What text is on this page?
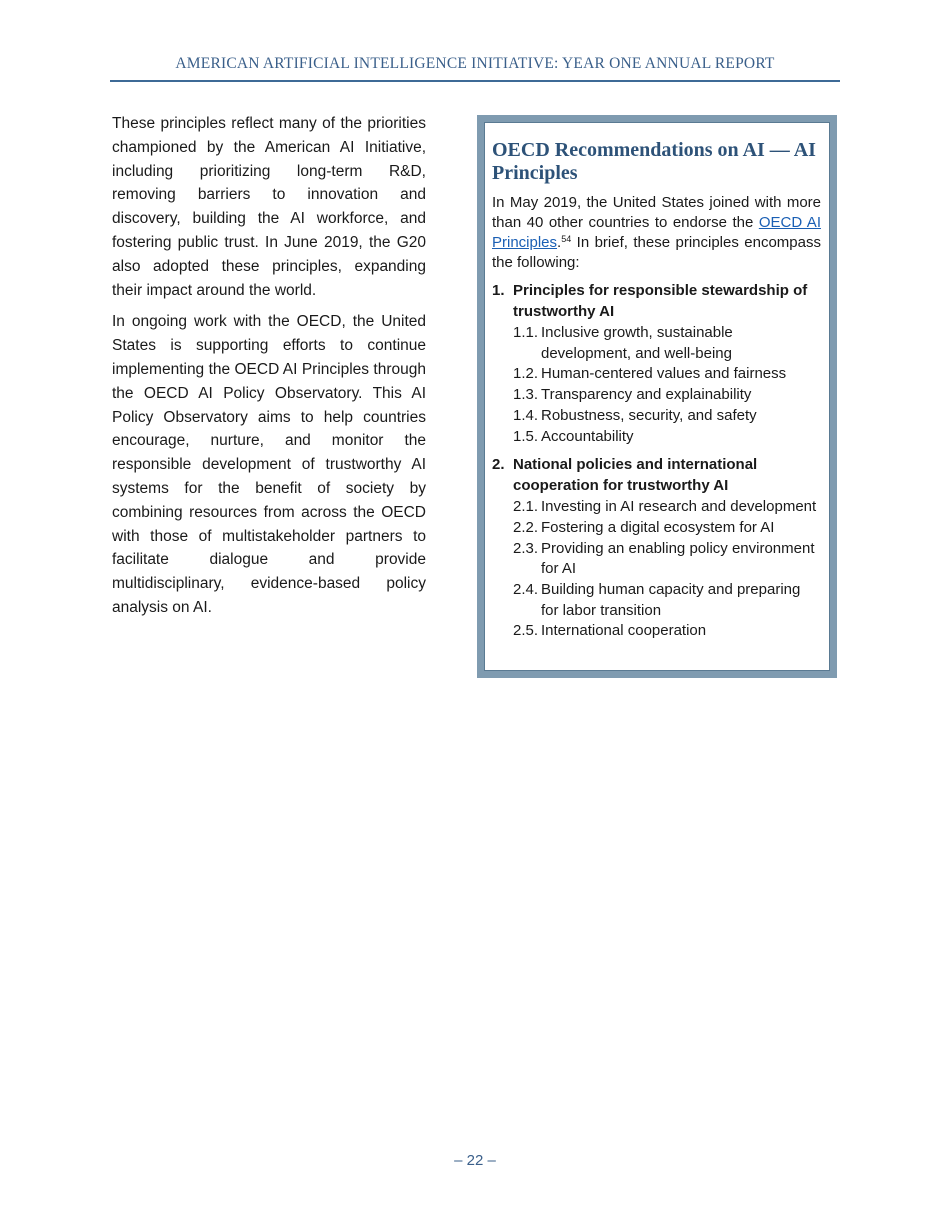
AMERICAN ARTIFICIAL INTELLIGENCE INITIATIVE: YEAR ONE ANNUAL REPORT

These principles reflect many of the priorities championed by the American AI Initiative, including prioritizing long-term R&D, removing barriers to innovation and discovery, building the AI workforce, and fostering public trust. In June 2019, the G20 also adopted these principles, expanding their impact around the world.

In ongoing work with the OECD, the United States is supporting efforts to continue implementing the OECD AI Principles through the OECD AI Policy Observatory. This AI Policy Observatory aims to help countries encourage, nurture, and monitor the responsible development of trustworthy AI systems for the benefit of society by combining resources from across the OECD with those of multistakeholder partners to facilitate dialogue and provide multidisciplinary, evidence-based policy analysis on AI.

OECD Recommendations on AI — AI Principles

In May 2019, the United States joined with more than 40 other countries to endorse the OECD AI Principles.$^{54}$ In brief, these principles encompass the following:

1. Principles for responsible stewardship of trustworthy AI
1.1. Inclusive growth, sustainable development, and well-being
1.2. Human-centered values and fairness
1.3. Transparency and explainability
1.4. Robustness, security, and safety
1.5. Accountability
2. National policies and international cooperation for trustworthy AI
2.1. Investing in AI research and development
2.2. Fostering a digital ecosystem for AI
2.3. Providing an enabling policy environment for AI
2.4. Building human capacity and preparing for labor transition
2.5. International cooperation
– 22 –
